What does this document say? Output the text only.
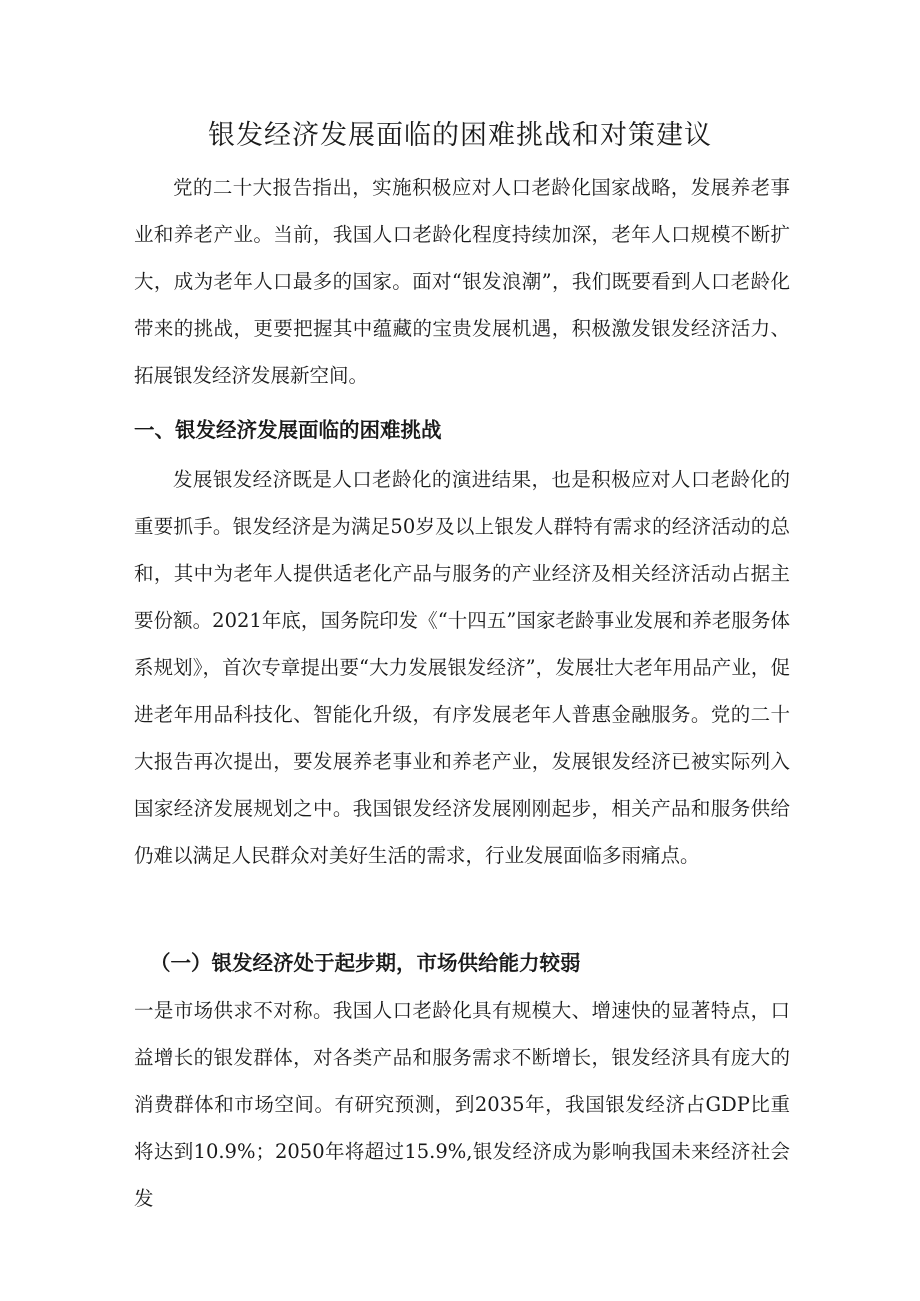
银发经济发展面临的困难挑战和对策建议

党的二十大报告指出，实施积极应对人口老龄化国家战略，发展养老事业和养老产业。当前，我国人口老龄化程度持续加深，老年人口规模不断扩大，成为老年人口最多的国家。面对“银发浪潮”，我们既要看到人口老龄化带来的挑战，更要把握其中蕴藏的宝贵发展机遇，积极激发银发经济活力、拓展银发经济发展新空间。

一、银发经济发展面临的困难挑战

发展银发经济既是人口老龄化的演进结果，也是积极应对人口老龄化的重要抓手。银发经济是为满足50岁及以上银发人群特有需求的经济活动的总和，其中为老年人提供适老化产品与服务的产业经济及相关经济活动占据主要份额。2021年底，国务院印发《“十四五”国家老龄事业发展和养老服务体系规划》，首次专章提出要“大力发展银发经济”，发展壮大老年用品产业，促进老年用品科技化、智能化升级，有序发展老年人普惠金融服务。党的二十大报告再次提出，要发展养老事业和养老产业，发展银发经济已被实际列入国家经济发展规划之中。我国银发经济发展刚刚起步，相关产品和服务供给仍难以满足人民群众对美好生活的需求，行业发展面临多雨痛点。

（一）银发经济处于起步期，市场供给能力较弱

一是市场供求不对称。我国人口老龄化具有规模大、增速快的显著特点，口益增长的银发群体，对各类产品和服务需求不断增长，银发经济具有庞大的消费群体和市场空间。有研究预测，到2035年，我国银发经济占GDP比重将达到10.9%；2050年将超过15.9%,银发经济成为影响我国未来经济社会发
